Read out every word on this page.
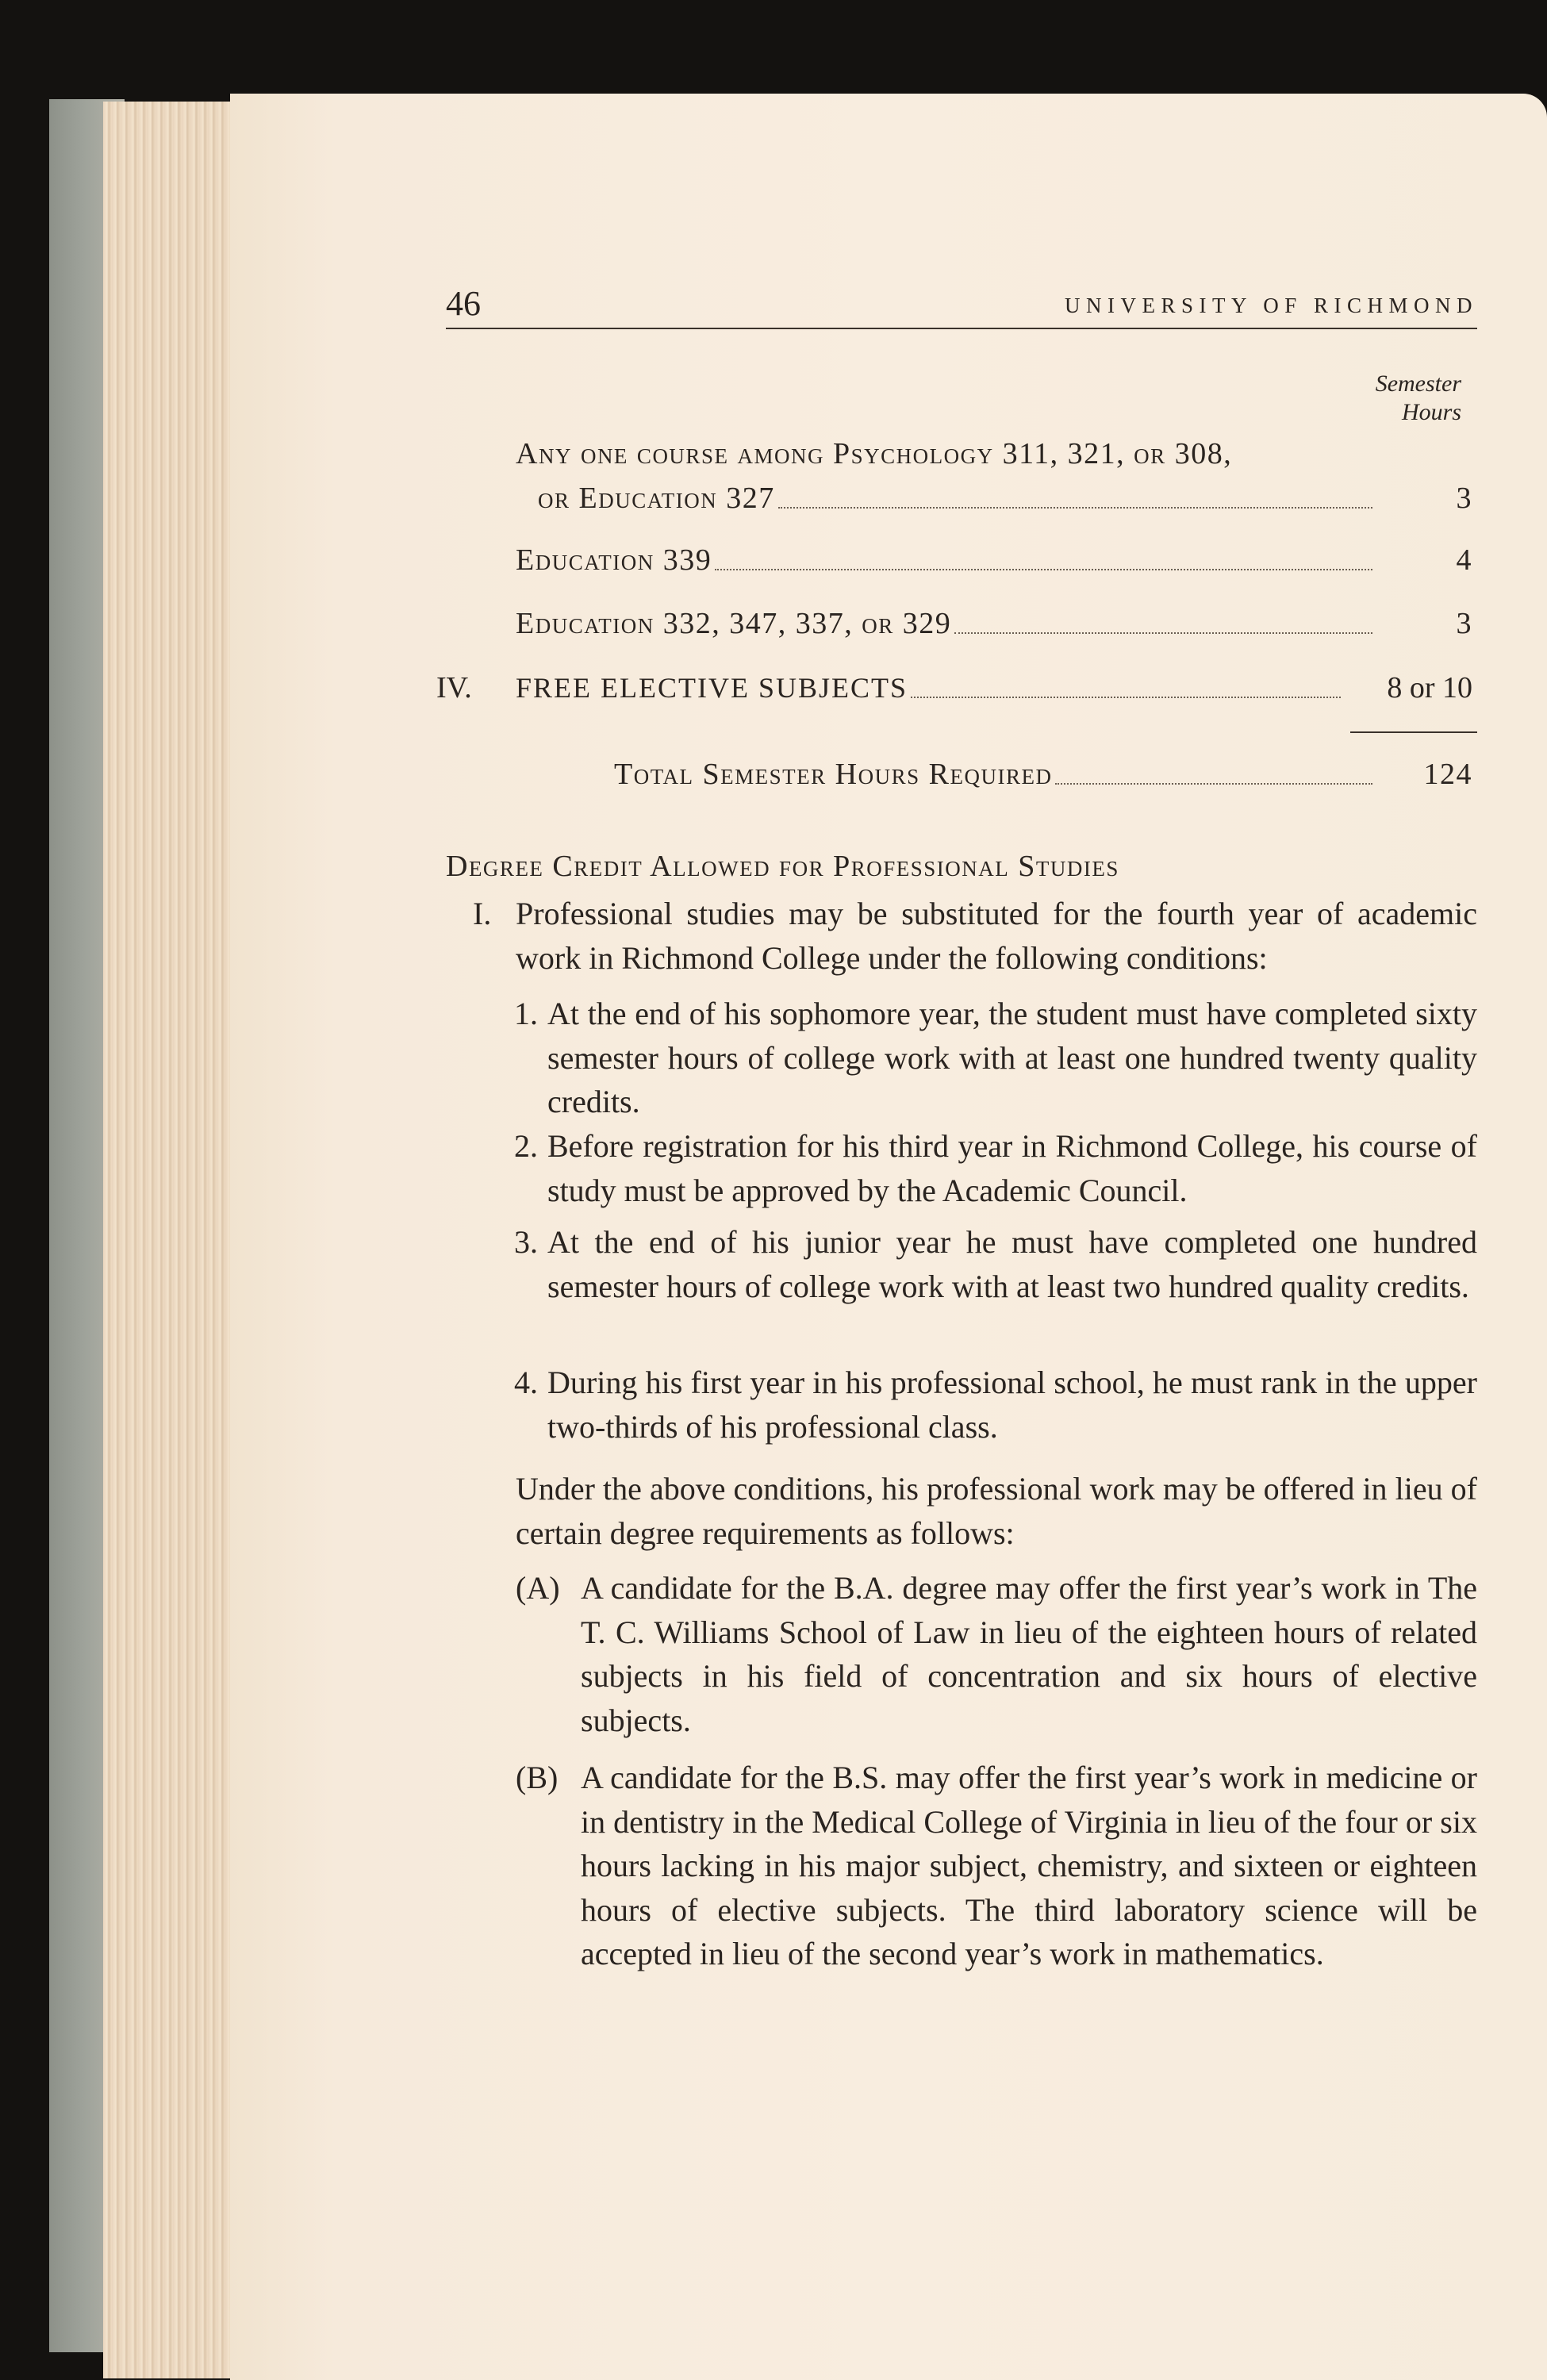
46	UNIVERSITY OF RICHMOND
Semester
Hours
Any one course among Psychology 311, 321, or 308,
or Education 327	3
Education 339	4
Education 332, 347, 337, or 329	3
IV. FREE ELECTIVE SUBJECTS	8 or 10
Total Semester Hours Required	124
Degree Credit Allowed for Professional Studies
I. Professional studies may be substituted for the fourth year of academic work in Richmond College under the following conditions:
1. At the end of his sophomore year, the student must have completed sixty semester hours of college work with at least one hundred twenty quality credits.
2. Before registration for his third year in Richmond College, his course of study must be approved by the Academic Council.
3. At the end of his junior year he must have completed one hundred semester hours of college work with at least two hundred quality credits.
4. During his first year in his professional school, he must rank in the upper two-thirds of his professional class.
Under the above conditions, his professional work may be offered in lieu of certain degree requirements as follows:
(A) A candidate for the B.A. degree may offer the first year’s work in The T. C. Williams School of Law in lieu of the eighteen hours of related subjects in his field of concentration and six hours of elective subjects.
(B) A candidate for the B.S. may offer the first year’s work in medicine or in dentistry in the Medical College of Virginia in lieu of the four or six hours lacking in his major subject, chemistry, and sixteen or eighteen hours of elective subjects. The third laboratory science will be accepted in lieu of the second year’s work in mathematics.
